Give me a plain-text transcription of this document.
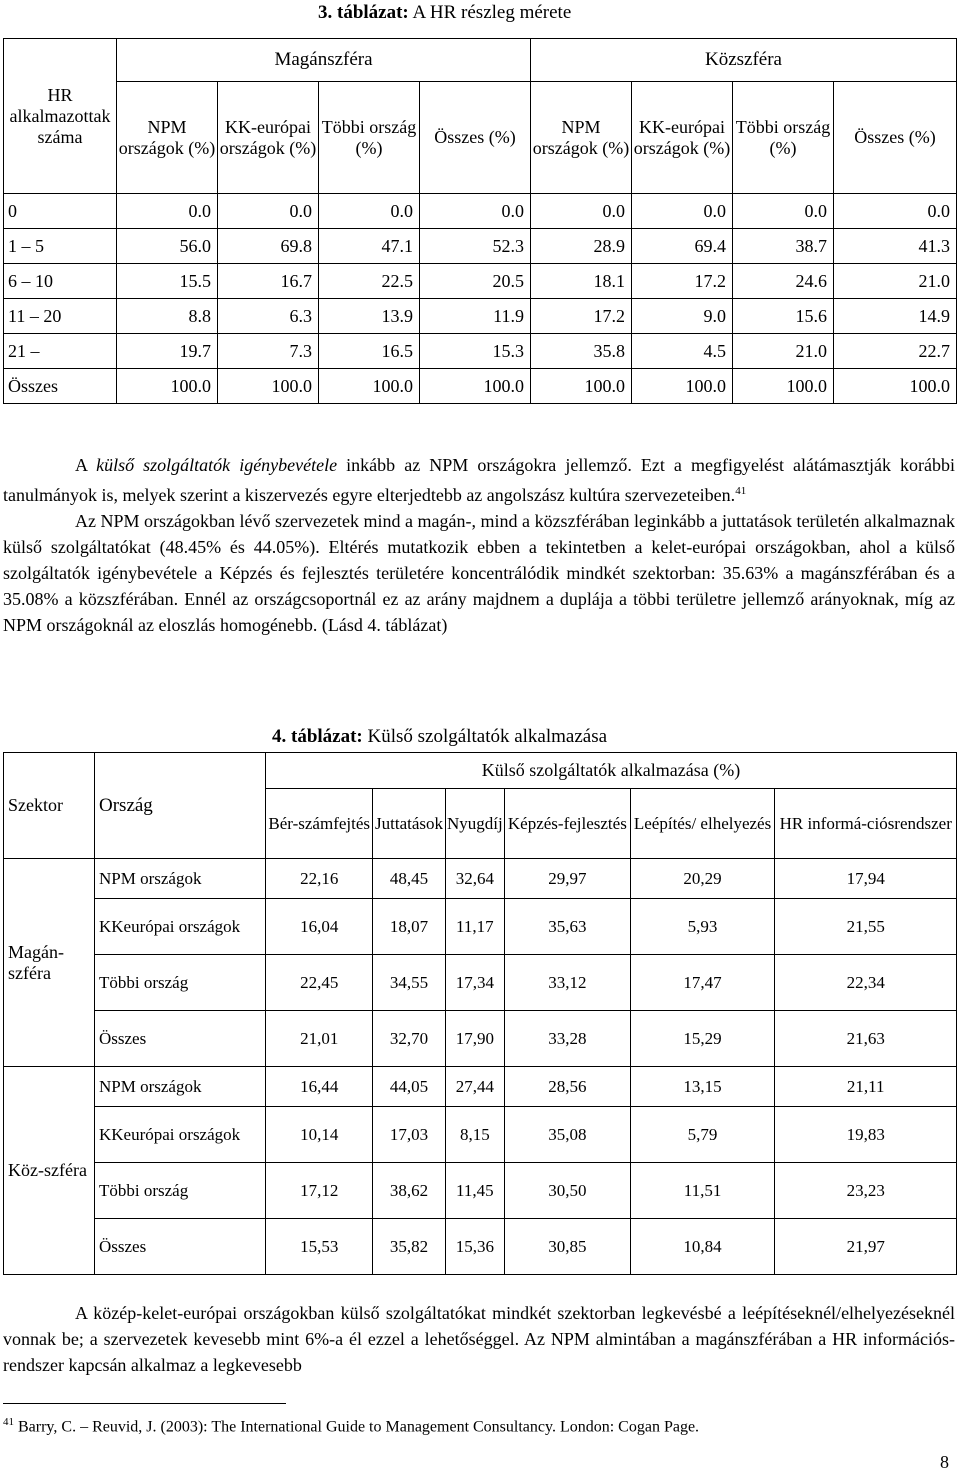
3. táblázat: A HR részleg mérete
HR alkalmazottak száma	Magánszféra				Közszféra			
	NPM országok (%)	KK-európai országok (%)	Többi ország (%)	Összes (%)	NPM országok (%)	KK-európai országok (%)	Többi ország (%)	Összes (%)
0	0.0	0.0	0.0	0.0	0.0	0.0	0.0	0.0
1 – 5	56.0	69.8	47.1	52.3	28.9	69.4	38.7	41.3
6 – 10	15.5	16.7	22.5	20.5	18.1	17.2	24.6	21.0
11 – 20	8.8	6.3	13.9	11.9	17.2	9.0	15.6	14.9
21 –	19.7	7.3	16.5	15.3	35.8	4.5	21.0	22.7
Összes	100.0	100.0	100.0	100.0	100.0	100.0	100.0	100.0
A külső szolgáltatók igénybevétele inkább az NPM országokra jellemző. Ezt a megfigyelést alátámasztják korábbi tanulmányok is, melyek szerint a kiszervezés egyre elterjedtebb az angolszász kultúra szervezeteiben.$^{41}$
Az NPM országokban lévő szervezetek mind a magán-, mind a közszférában leginkább a juttatások területén alkalmaznak külső szolgáltatókat (48.45% és 44.05%). Eltérés mutatkozik ebben a tekintetben a kelet-európai országokban, ahol a külső szolgáltatók igénybevétele a Képzés és fejlesztés területére koncentrálódik mindkét szektorban: 35.63% a magánszférában és a 35.08% a közszférában. Ennél az országcsoportnál ez az arány majdnem a duplája a többi területre jellemző arányoknak, míg az NPM országoknál az eloszlás homogénebb. (Lásd 4. táblázat)
4. táblázat: Külső szolgáltatók alkalmazása
Szektor	Ország	Külső szolgáltatók alkalmazása (%)					
		Bér-számfejtés	Juttatások	Nyugdíj	Képzés-fejlesztés	Leépítés/ elhelyezés	HR informá-ciósrendszer
Magán-szféra	NPM országok	22,16	48,45	32,64	29,97	20,29	17,94
	KKeurópai országok	16,04	18,07	11,17	35,63	5,93	21,55
	Többi ország	22,45	34,55	17,34	33,12	17,47	22,34
	Összes	21,01	32,70	17,90	33,28	15,29	21,63
Köz-szféra	NPM országok	16,44	44,05	27,44	28,56	13,15	21,11
	KKeurópai országok	10,14	17,03	8,15	35,08	5,79	19,83
	Többi ország	17,12	38,62	11,45	30,50	11,51	23,23
	Összes	15,53	35,82	15,36	30,85	10,84	21,97
A közép-kelet-európai országokban külső szolgáltatókat mindkét szektorban legkevésbé a leépítéseknél/elhelyezéseknél vonnak be; a szervezetek kevesebb mint 6%-a él ezzel a lehetőséggel. Az NPM almintában a magánszférában a HR információs-rendszer kapcsán alkalmaz a legkevesebb
$^{41}$ Barry, C. – Reuvid, J. (2003): The International Guide to Management Consultancy. London: Cogan Page.
8
